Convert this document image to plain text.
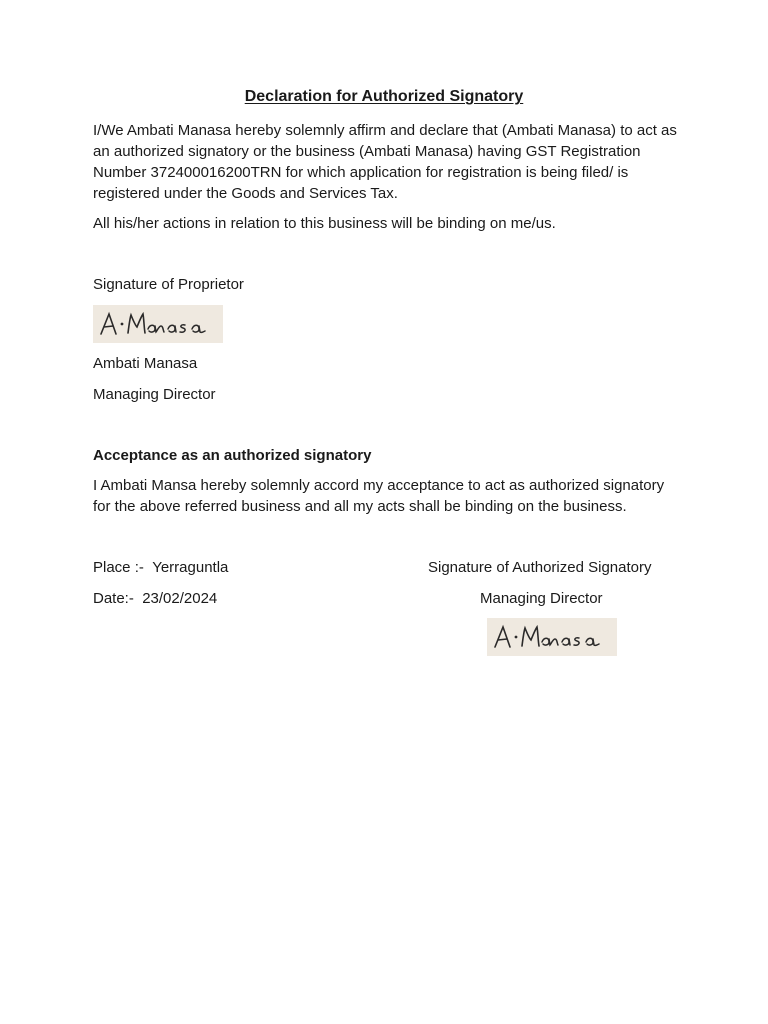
Declaration for Authorized Signatory
I/We Ambati Manasa hereby solemnly affirm and declare that (Ambati Manasa) to act as an authorized signatory or the business (Ambati Manasa) having GST Registration Number 372400016200TRN for which application for registration is being filed/ is registered under the Goods and Services Tax.
All his/her actions in relation to this business will be binding on me/us.
Signature of Proprietor
Ambati Manasa
Managing Director
Acceptance as an authorized signatory
I Ambati Mansa hereby solemnly accord my acceptance to act as authorized signatory for the above referred business and all my acts shall be binding on the business.
Place :- Yerraguntla	Signature of Authorized Signatory
Date:- 23/02/2024	Managing Director
